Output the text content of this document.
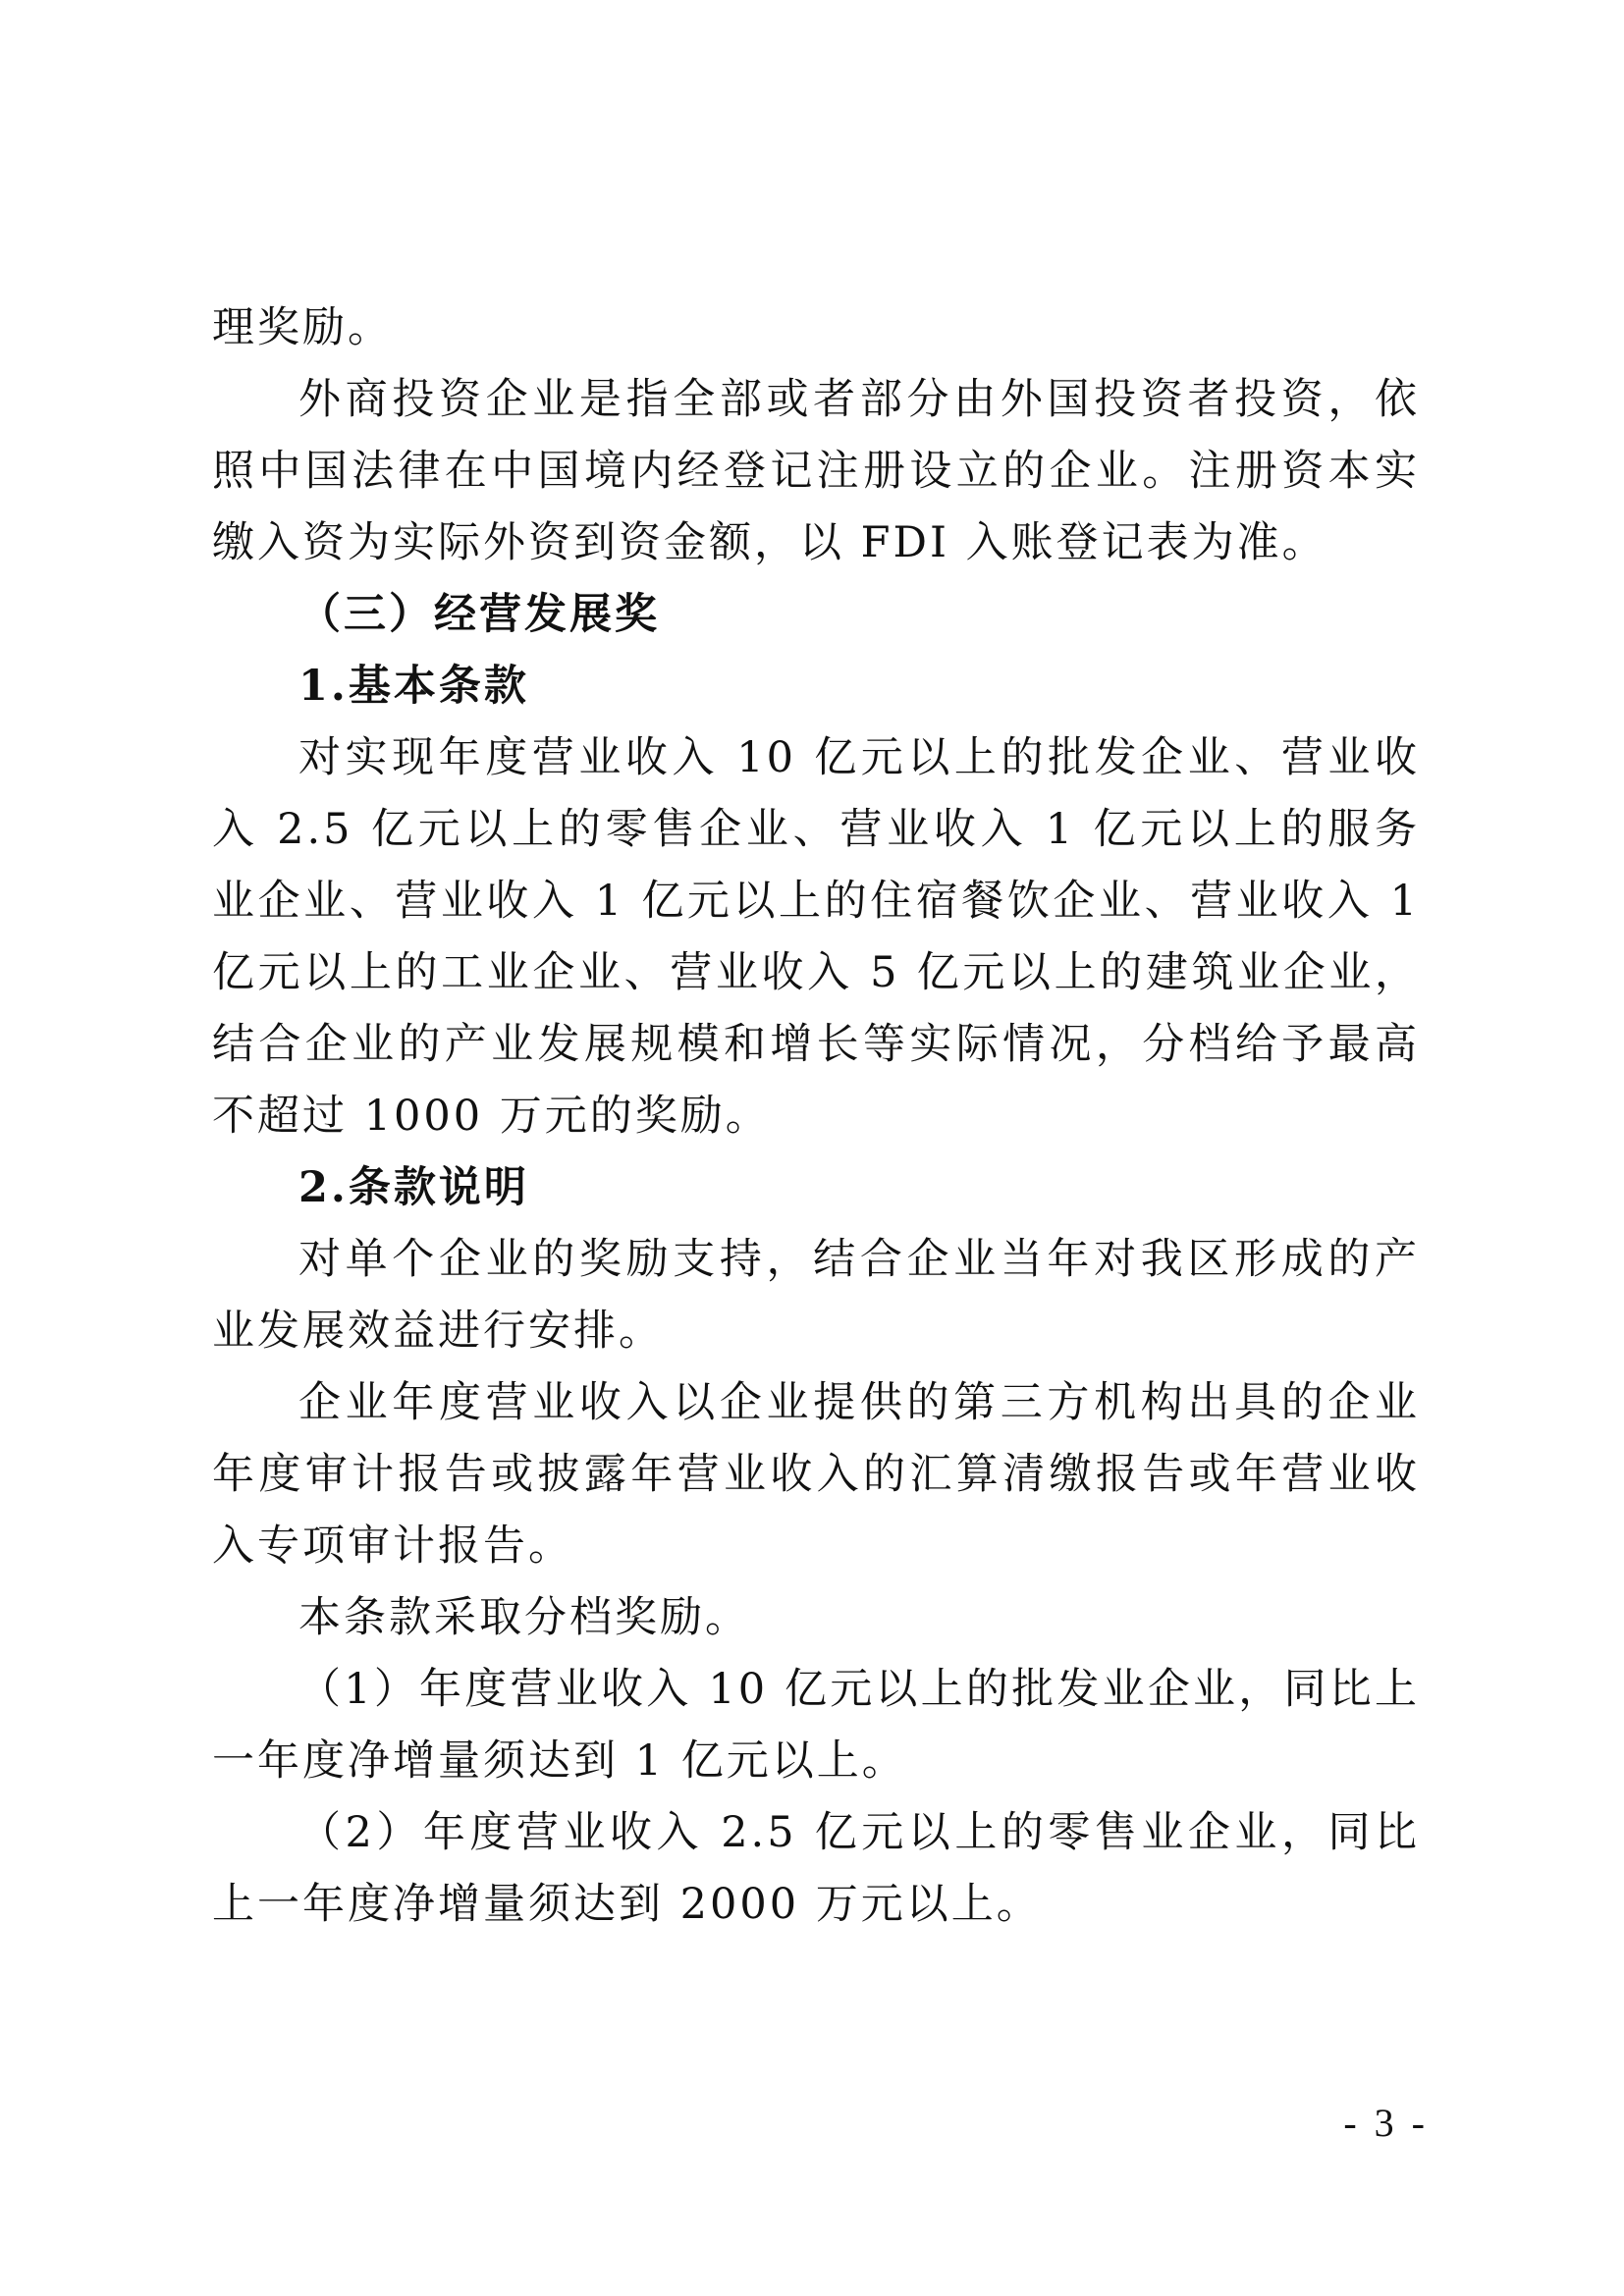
理奖励。

外商投资企业是指全部或者部分由外国投资者投资，依照中国法律在中国境内经登记注册设立的企业。注册资本实缴入资为实际外资到资金额，以 FDI 入账登记表为准。

（三）经营发展奖

1.基本条款

对实现年度营业收入 10 亿元以上的批发企业、营业收入 2.5 亿元以上的零售企业、营业收入 1 亿元以上的服务业企业、营业收入 1 亿元以上的住宿餐饮企业、营业收入 1 亿元以上的工业企业、营业收入 5 亿元以上的建筑业企业，结合企业的产业发展规模和增长等实际情况，分档给予最高不超过 1000 万元的奖励。

2.条款说明

对单个企业的奖励支持，结合企业当年对我区形成的产业发展效益进行安排。

企业年度营业收入以企业提供的第三方机构出具的企业年度审计报告或披露年营业收入的汇算清缴报告或年营业收入专项审计报告。

本条款采取分档奖励。

（1）年度营业收入 10 亿元以上的批发业企业，同比上一年度净增量须达到 1 亿元以上。

（2）年度营业收入 2.5 亿元以上的零售业企业，同比上一年度净增量须达到 2000 万元以上。

- 3 -
